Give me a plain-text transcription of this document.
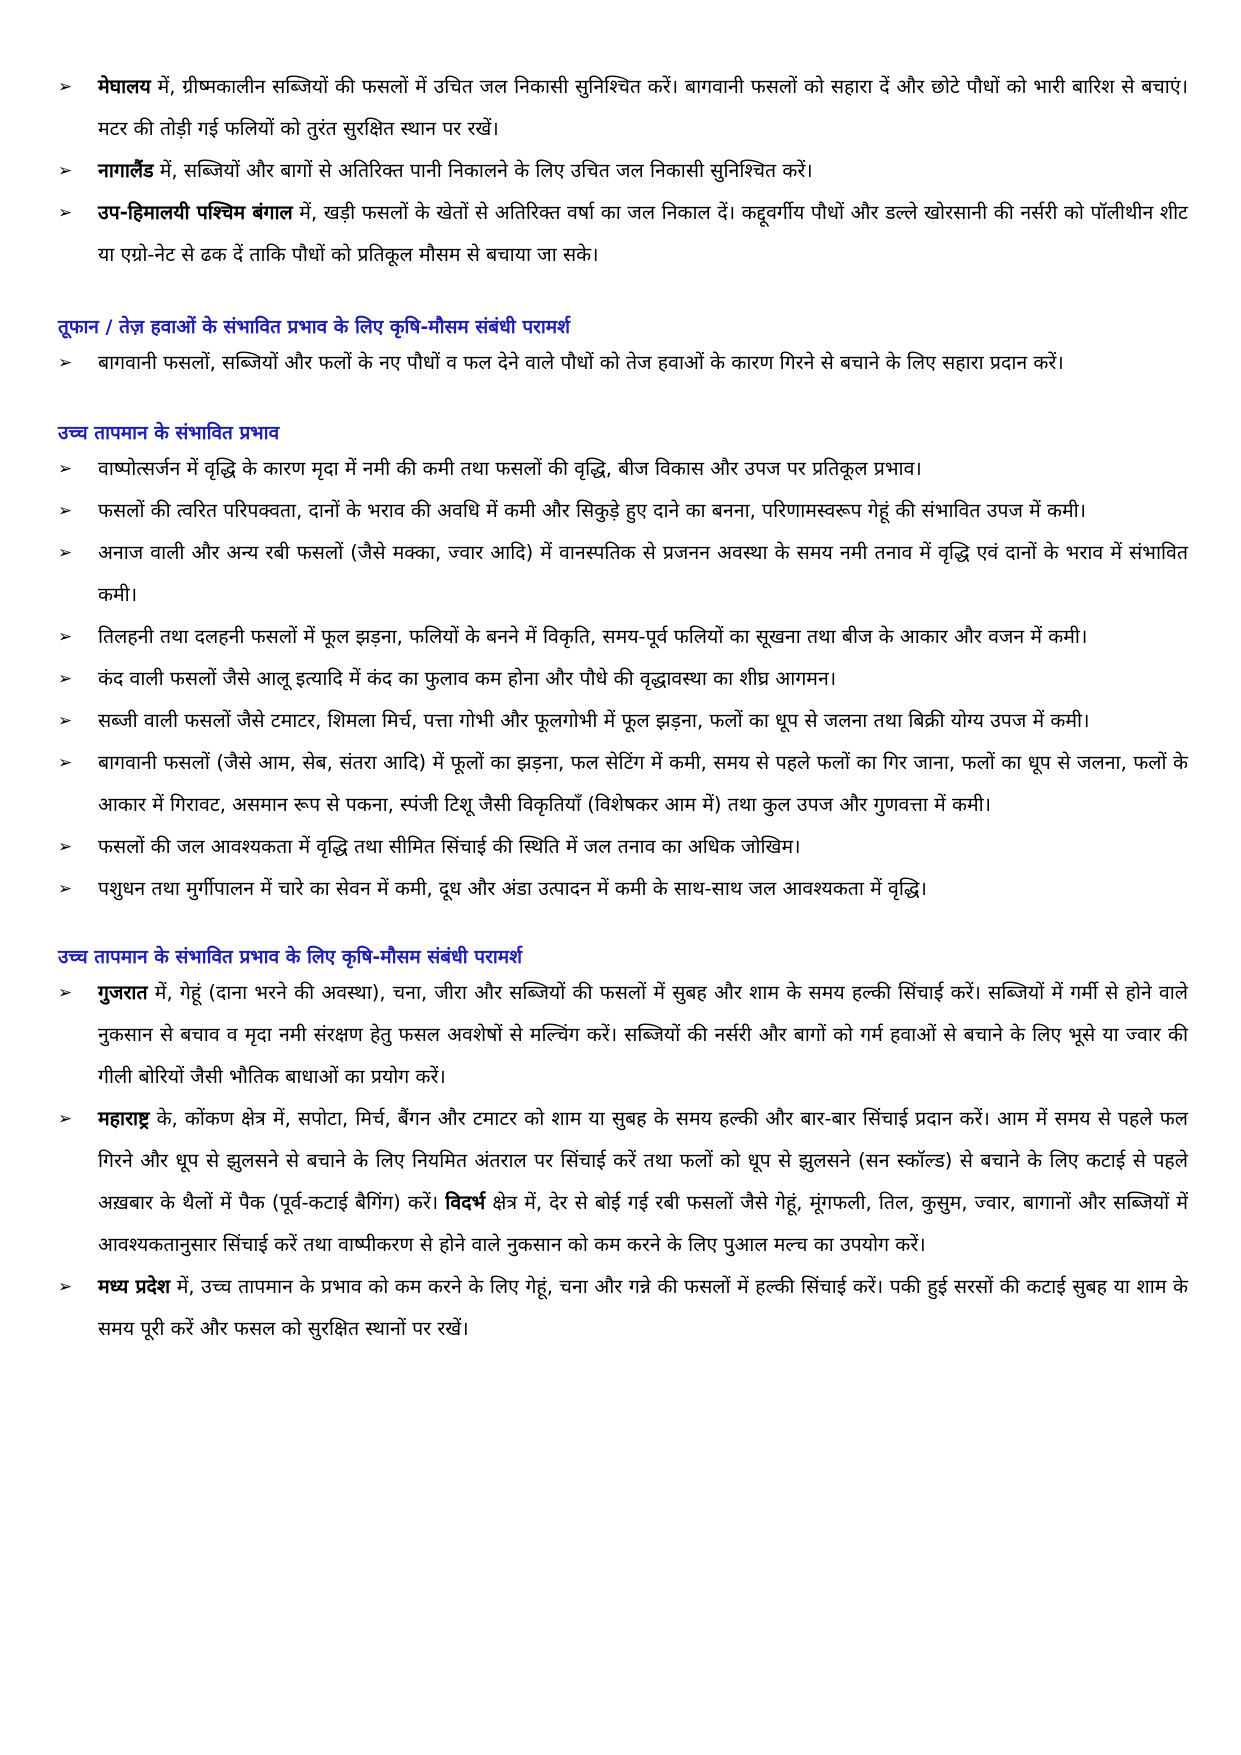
➢ मेघालय में, ग्रीष्मकालीन सब्जियों की फसलों में उचित जल निकासी सुनिश्चित करें। बागवानी फसलों को सहारा दें और छोटे पौधों को भारी बारिश से बचाएं। मटर की तोड़ी गई फलियों को तुरंत सुरक्षित स्थान पर रखें।
➢ नागालैंड में, सब्जियों और बागों से अतिरिक्त पानी निकालने के लिए उचित जल निकासी सुनिश्चित करें।
➢ उप-हिमालयी पश्चिम बंगाल में, खड़ी फसलों के खेतों से अतिरिक्त वर्षा का जल निकाल दें। कद्दूवर्गीय पौधों और डल्ले खोरसानी की नर्सरी को पॉलीथीन शीट या एग्रो-नेट से ढक दें ताकि पौधों को प्रतिकूल मौसम से बचाया जा सके।
तूफान / तेज़ हवाओं के संभावित प्रभाव के लिए कृषि-मौसम संबंधी परामर्श
➢ बागवानी फसलों, सब्जियों और फलों के नए पौधों व फल देने वाले पौधों को तेज हवाओं के कारण गिरने से बचाने के लिए सहारा प्रदान करें।
उच्च तापमान के संभावित प्रभाव
➢ वाष्पोत्सर्जन में वृद्धि के कारण मृदा में नमी की कमी तथा फसलों की वृद्धि, बीज विकास और उपज पर प्रतिकूल प्रभाव।
➢ फसलों की त्वरित परिपक्वता, दानों के भराव की अवधि में कमी और सिकुड़े हुए दाने का बनना, परिणामस्वरूप गेहूं की संभावित उपज में कमी।
➢ अनाज वाली और अन्य रबी फसलों (जैसे मक्का, ज्वार आदि) में वानस्पतिक से प्रजनन अवस्था के समय नमी तनाव में वृद्धि एवं दानों के भराव में संभावित कमी।
➢ तिलहनी तथा दलहनी फसलों में फूल झड़ना, फलियों के बनने में विकृति, समय-पूर्व फलियों का सूखना तथा बीज के आकार और वजन में कमी।
➢ कंद वाली फसलों जैसे आलू इत्यादि में कंद का फुलाव कम होना और पौधे की वृद्धावस्था का शीघ्र आगमन।
➢ सब्जी वाली फसलों जैसे टमाटर, शिमला मिर्च, पत्ता गोभी और फूलगोभी में फूल झड़ना, फलों का धूप से जलना तथा बिक्री योग्य उपज में कमी।
➢ बागवानी फसलों (जैसे आम, सेब, संतरा आदि) में फूलों का झड़ना, फल सेटिंग में कमी, समय से पहले फलों का गिर जाना, फलों का धूप से जलना, फलों के आकार में गिरावट, असमान रूप से पकना, स्पंजी टिशू जैसी विकृतियाँ (विशेषकर आम में) तथा कुल उपज और गुणवत्ता में कमी।
➢ फसलों की जल आवश्यकता में वृद्धि तथा सीमित सिंचाई की स्थिति में जल तनाव का अधिक जोखिम।
➢ पशुधन तथा मुर्गीपालन में चारे का सेवन में कमी, दूध और अंडा उत्पादन में कमी के साथ-साथ जल आवश्यकता में वृद्धि।
उच्च तापमान के संभावित प्रभाव के लिए कृषि-मौसम संबंधी परामर्श
➢ गुजरात में, गेहूं (दाना भरने की अवस्था), चना, जीरा और सब्जियों की फसलों में सुबह और शाम के समय हल्की सिंचाई करें। सब्जियों में गर्मी से होने वाले नुकसान से बचाव व मृदा नमी संरक्षण हेतु फसल अवशेषों से मल्चिंग करें। सब्जियों की नर्सरी और बागों को गर्म हवाओं से बचाने के लिए भूसे या ज्वार की गीली बोरियों जैसी भौतिक बाधाओं का प्रयोग करें।
➢ महाराष्ट्र के, कोंकण क्षेत्र में, सपोटा, मिर्च, बैंगन और टमाटर को शाम या सुबह के समय हल्की और बार-बार सिंचाई प्रदान करें। आम में समय से पहले फल गिरने और धूप से झुलसने से बचाने के लिए नियमित अंतराल पर सिंचाई करें तथा फलों को धूप से झुलसने (सन स्कॉल्ड) से बचाने के लिए कटाई से पहले अख़बार के थैलों में पैक (पूर्व-कटाई बैगिंग) करें। विदर्भ क्षेत्र में, देर से बोई गई रबी फसलों जैसे गेहूं, मूंगफली, तिल, कुसुम, ज्वार, बागानों और सब्जियों में आवश्यकतानुसार सिंचाई करें तथा वाष्पीकरण से होने वाले नुकसान को कम करने के लिए पुआल मल्च का उपयोग करें।
➢ मध्य प्रदेश में, उच्च तापमान के प्रभाव को कम करने के लिए गेहूं, चना और गन्ने की फसलों में हल्की सिंचाई करें। पकी हुई सरसों की कटाई सुबह या शाम के समय पूरी करें और फसल को सुरक्षित स्थानों पर रखें।
